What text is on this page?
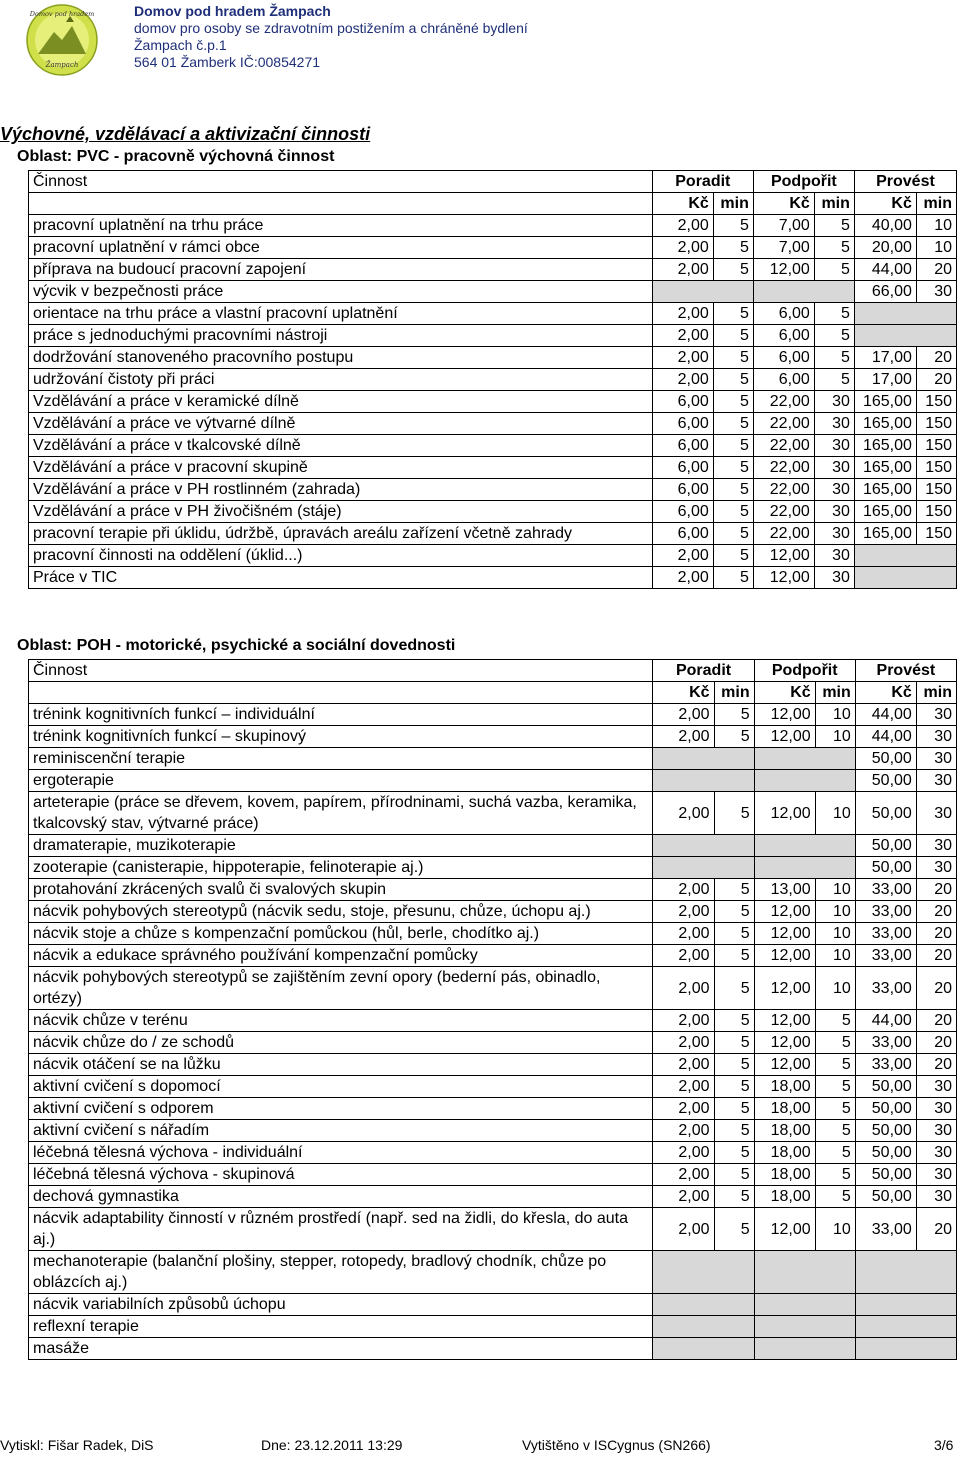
Domov pod hradem
Žampach
Domov pod hradem Žampach
domov pro osoby se zdravotním postižením a chráněné bydlení
Žampach č.p.1
564 01 Žamberk IČ:00854271
Výchovné, vzdělávací a aktivizační činnosti
Oblast: PVC - pracovně výchovná činnost
Činnost	Poradit		Podpořit		Provést	
	Kč	min	Kč	min	Kč	min
pracovní uplatnění na trhu práce	2,00	5	7,00	5	40,00	10
pracovní uplatnění v rámci obce	2,00	5	7,00	5	20,00	10
příprava na budoucí pracovní zapojení	2,00	5	12,00	5	44,00	20
výcvik v bezpečnosti práce					66,00	30
orientace na trhu práce a vlastní pracovní uplatnění	2,00	5	6,00	5		
práce s jednoduchými pracovními nástroji	2,00	5	6,00	5		
dodržování stanoveného pracovního postupu	2,00	5	6,00	5	17,00	20
udržování čistoty při práci	2,00	5	6,00	5	17,00	20
Vzdělávání a práce v keramické dílně	6,00	5	22,00	30	165,00	150
Vzdělávání a práce ve výtvarné dílně	6,00	5	22,00	30	165,00	150
Vzdělávání a práce v tkalcovské dílně	6,00	5	22,00	30	165,00	150
Vzdělávání a práce v pracovní skupině	6,00	5	22,00	30	165,00	150
Vzdělávání a práce v PH rostlinném (zahrada)	6,00	5	22,00	30	165,00	150
Vzdělávání a práce v PH živočišném (stáje)	6,00	5	22,00	30	165,00	150
pracovní terapie při úklidu, údržbě, úpravách areálu zařízení včetně zahrady	6,00	5	22,00	30	165,00	150
pracovní činnosti na oddělení (úklid...)	2,00	5	12,00	30		
Práce v TIC	2,00	5	12,00	30		
Oblast: POH - motorické, psychické a sociální dovednosti
Činnost	Poradit		Podpořit		Provést	
	Kč	min	Kč	min	Kč	min
trénink kognitivních funkcí – individuální	2,00	5	12,00	10	44,00	30
trénink kognitivních funkcí – skupinový	2,00	5	12,00	10	44,00	30
reminiscenční terapie					50,00	30
ergoterapie					50,00	30
arteterapie (práce se dřevem, kovem, papírem, přírodninami, suchá vazba, keramika, tkalcovský stav, výtvarné práce)	2,00	5	12,00	10	50,00	30
dramaterapie, muzikoterapie					50,00	30
zooterapie (canisterapie, hippoterapie, felinoterapie aj.)					50,00	30
protahování zkrácených svalů či svalových skupin	2,00	5	13,00	10	33,00	20
nácvik pohybových stereotypů (nácvik sedu, stoje, přesunu, chůze, úchopu aj.)	2,00	5	12,00	10	33,00	20
nácvik stoje a chůze s kompenzační pomůckou (hůl, berle, chodítko aj.)	2,00	5	12,00	10	33,00	20
nácvik a edukace správného používání kompenzační pomůcky	2,00	5	12,00	10	33,00	20
nácvik pohybových stereotypů se zajištěním zevní opory (bederní pás, obinadlo, ortézy)	2,00	5	12,00	10	33,00	20
nácvik chůze v terénu	2,00	5	12,00	5	44,00	20
nácvik chůze do / ze schodů	2,00	5	12,00	5	33,00	20
nácvik otáčení se na lůžku	2,00	5	12,00	5	33,00	20
aktivní cvičení s dopomocí	2,00	5	18,00	5	50,00	30
aktivní cvičení s odporem	2,00	5	18,00	5	50,00	30
aktivní cvičení s nářadím	2,00	5	18,00	5	50,00	30
léčebná tělesná výchova - individuální	2,00	5	18,00	5	50,00	30
léčebná tělesná výchova - skupinová	2,00	5	18,00	5	50,00	30
dechová gymnastika	2,00	5	18,00	5	50,00	30
nácvik adaptability činností v různém prostředí (např. sed na židli, do křesla, do auta aj.)	2,00	5	12,00	10	33,00	20
mechanoterapie (balanční plošiny, stepper, rotopedy, bradlový chodník, chůze po oblázcích aj.)						
nácvik variabilních způsobů úchopu						
reflexní terapie						
masáže						
Vytiskl: Fišar Radek, DiS	Dne: 23.12.2011 13:29	Vytištěno v ISCygnus (SN266)	3/6
